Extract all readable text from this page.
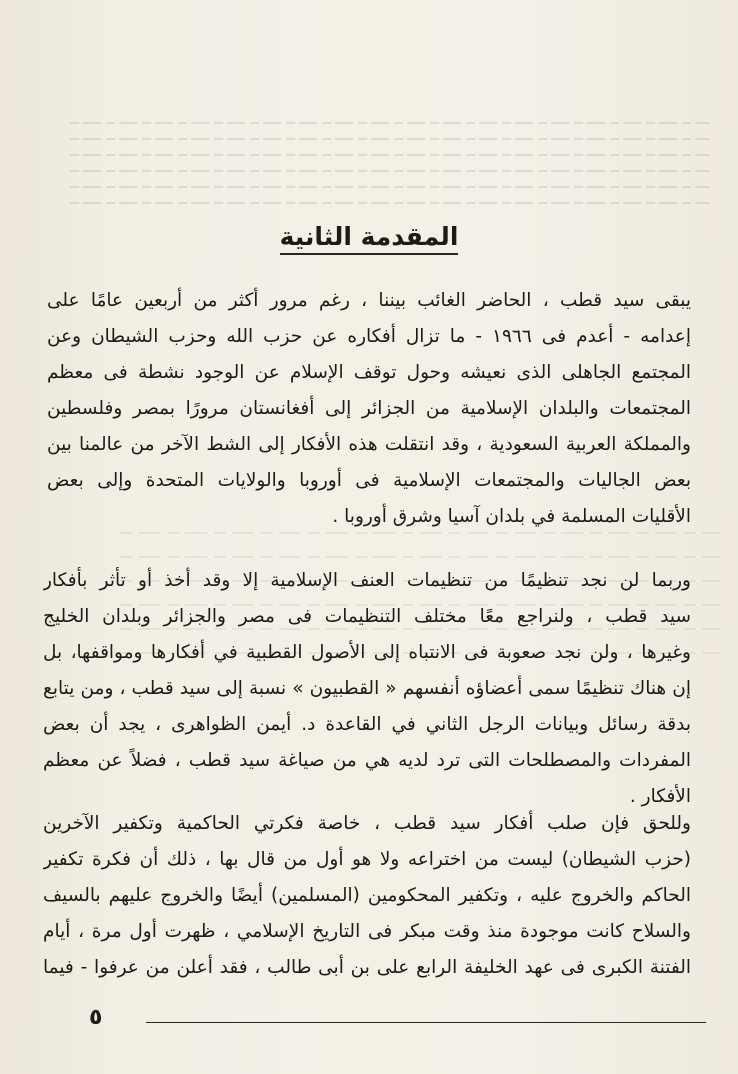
المقدمة الثانية
يبقى سيد قطب ، الحاضر الغائب بيننا ، رغم مرور أكثر من أربعين عامًا على
إعدامه - أعدم فى ١٩٦٦ - ما تزال أفكاره عن حزب الله وحزب الشيطان وعن
المجتمع الجاهلى الذى نعيشه وحول توقف الإسلام عن الوجود نشطة فى معظم
المجتمعات والبلدان الإسلامية من الجزائر إلى أفغانستان مرورًا بمصر وفلسطين
والمملكة العربية السعودية ، وقد انتقلت هذه الأفكار إلى الشط الآخر من عالمنا بين
بعض الجاليات والمجتمعات الإسلامية فى أوروبا والولايات المتحدة وإلى بعض
الأقليات المسلمة في بلدان آسيا وشرق أوروبا .
وربما لن نجد تنظيمًا من تنظيمات العنف الإسلامية إلا وقد أخذ أو تأثر بأفكار
سيد قطب ، ولنراجع معًا مختلف التنظيمات فى مصر والجزائر وبلدان الخليج
وغيرها ، ولن نجد صعوبة فى الانتباه إلى الأصول القطبية في أفكارها ومواقفها، بل
إن هناك تنظيمًا سمى أعضاؤه أنفسهم « القطبيون » نسبة إلى سيد قطب ، ومن يتابع
بدقة رسائل وبيانات الرجل الثاني في القاعدة د. أيمن الظواهرى ، يجد أن بعض
المفردات والمصطلحات التى ترد لديه هي من صياغة سيد قطب ، فضلاً عن معظم
الأفكار .
وللحق فإن صلب أفكار سيد قطب ، خاصة فكرتي الحاكمية وتكفير الآخرين
(حزب الشيطان) ليست من اختراعه ولا هو أول من قال بها ، ذلك أن فكرة تكفير
الحاكم والخروج عليه ، وتكفير المحكومين (المسلمين) أيضًا والخروج عليهم بالسيف
والسلاح كانت موجودة منذ وقت مبكر فى التاريخ الإسلامي ، ظهرت أول مرة ، أيام
الفتنة الكبرى فى عهد الخليفة الرابع على بن أبى طالب ، فقد أعلن من عرفوا - فيما
٥
